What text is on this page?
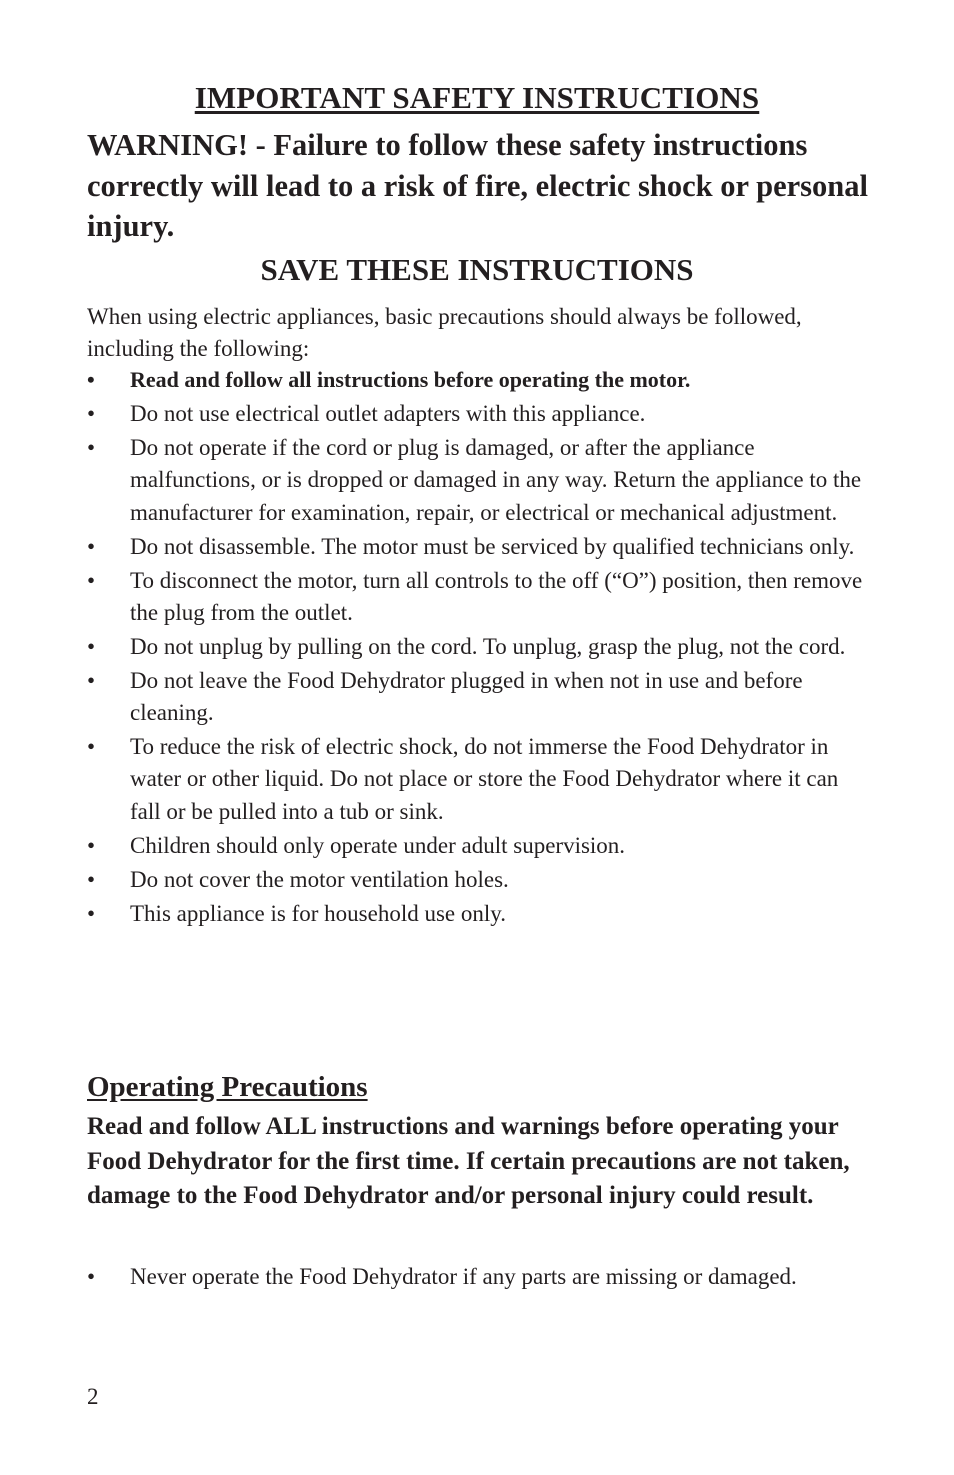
IMPORTANT SAFETY INSTRUCTIONS

WARNING! - Failure to follow these safety instructions correctly will lead to a risk of fire, electric shock or personal injury.

SAVE THESE INSTRUCTIONS

When using electric appliances, basic precautions should always be followed, including the following:

• Read and follow all instructions before operating the motor.
• Do not use electrical outlet adapters with this appliance.
• Do not operate if the cord or plug is damaged, or after the appliance malfunctions, or is dropped or damaged in any way. Return the appliance to the manufacturer for examination, repair, or electrical or mechanical adjustment.
• Do not disassemble. The motor must be serviced by qualified technicians only.
• To disconnect the motor, turn all controls to the off (“O”) position, then remove the plug from the outlet.
• Do not unplug by pulling on the cord. To unplug, grasp the plug, not the cord.
• Do not leave the Food Dehydrator plugged in when not in use and before cleaning.
• To reduce the risk of electric shock, do not immerse the Food Dehydrator in water or other liquid. Do not place or store the Food Dehydrator where it can fall or be pulled into a tub or sink.
• Children should only operate under adult supervision.
• Do not cover the motor ventilation holes.
• This appliance is for household use only.
Operating Precautions

Read and follow ALL instructions and warnings before operating your Food Dehydrator for the first time. If certain precautions are not taken, damage to the Food Dehydrator and/or personal injury could result.

• Never operate the Food Dehydrator if any parts are missing or damaged.

2
